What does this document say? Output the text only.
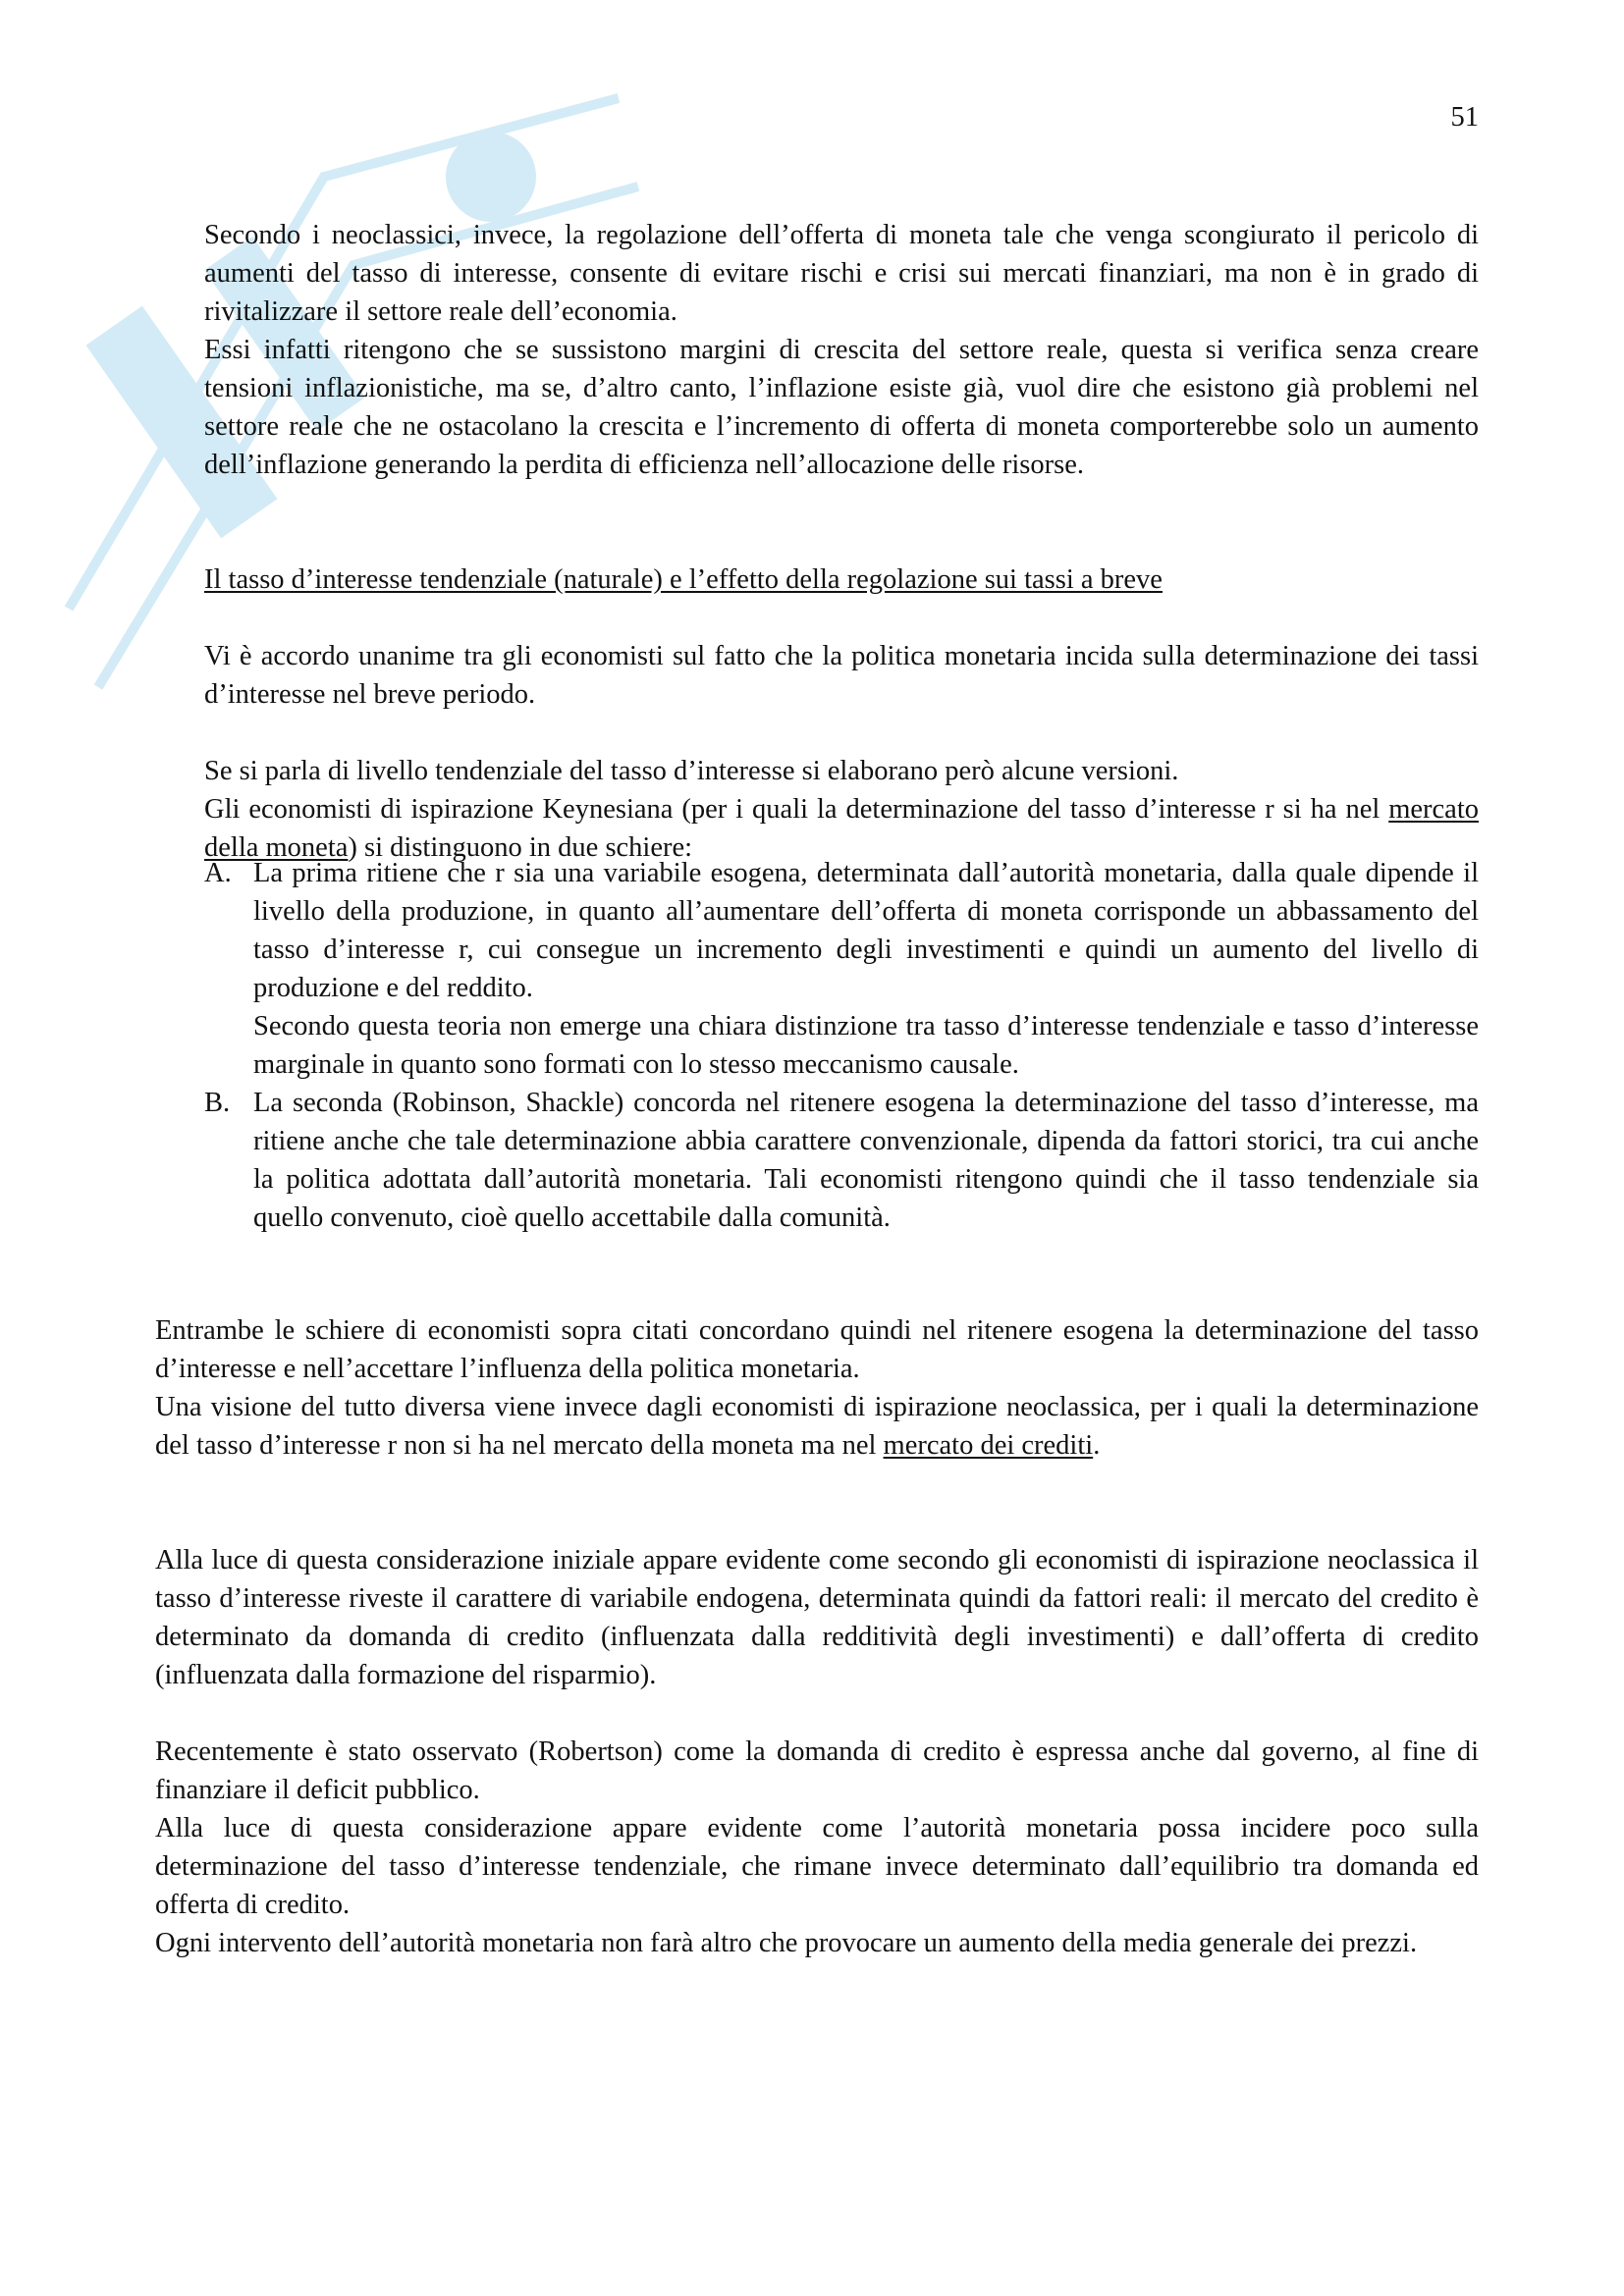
51

Secondo i neoclassici, invece, la regolazione dell’offerta di moneta tale che venga scongiurato il pericolo di aumenti del tasso di interesse, consente di evitare rischi e crisi sui mercati finanziari, ma non è in grado di rivitalizzare il settore reale dell’economia.

Essi infatti ritengono che se sussistono margini di crescita del settore reale, questa si verifica senza creare tensioni inflazionistiche, ma se, d’altro canto, l’inflazione esiste già, vuol dire che esistono già problemi nel settore reale che ne ostacolano la crescita e l’incremento di offerta di moneta comporterebbe solo un aumento dell’inflazione generando la perdita di efficienza nell’allocazione delle risorse.

Il tasso d’interesse tendenziale (naturale) e l’effetto della regolazione sui tassi a breve

Vi è accordo unanime tra gli economisti sul fatto che la politica monetaria incida sulla determinazione dei tassi d’interesse nel breve periodo.

Se si parla di livello tendenziale del tasso d’interesse si elaborano però alcune versioni.

Gli economisti di ispirazione Keynesiana (per i quali la determinazione del tasso d’interesse r si ha nel mercato della moneta) si distinguono in due schiere:

A. La prima ritiene che r sia una variabile esogena, determinata dall’autorità monetaria, dalla quale dipende il livello della produzione, in quanto all’aumentare dell’offerta di moneta corrisponde un abbassamento del tasso d’interesse r, cui consegue un incremento degli investimenti e quindi un aumento del livello di produzione e del reddito.

Secondo questa teoria non emerge una chiara distinzione tra tasso d’interesse tendenziale e tasso d’interesse marginale in quanto sono formati con lo stesso meccanismo causale.

B. La seconda (Robinson, Shackle) concorda nel ritenere esogena la determinazione del tasso d’interesse, ma ritiene anche che tale determinazione abbia carattere convenzionale, dipenda da fattori storici, tra cui anche la politica adottata dall’autorità monetaria. Tali economisti ritengono quindi che il tasso tendenziale sia quello convenuto, cioè quello accettabile dalla comunità.

Entrambe le schiere di economisti sopra citati concordano quindi nel ritenere esogena la determinazione del tasso d’interesse e nell’accettare l’influenza della politica monetaria.

Una visione del tutto diversa viene invece dagli economisti di ispirazione neoclassica, per i quali la determinazione del tasso d’interesse r non si ha nel mercato della moneta ma nel mercato dei crediti.

Alla luce di questa considerazione iniziale appare evidente come secondo gli economisti di ispirazione neoclassica il tasso d’interesse riveste il carattere di variabile endogena, determinata quindi da fattori reali: il mercato del credito è determinato da domanda di credito (influenzata dalla redditività degli investimenti) e dall’offerta di credito (influenzata dalla formazione del risparmio).

Recentemente è stato osservato (Robertson) come la domanda di credito è espressa anche dal governo, al fine di finanziare il deficit pubblico.

Alla luce di questa considerazione appare evidente come l’autorità monetaria possa incidere poco sulla determinazione del tasso d’interesse tendenziale, che rimane invece determinato dall’equilibrio tra domanda ed offerta di credito.

Ogni intervento dell’autorità monetaria non farà altro che provocare un aumento della media generale dei prezzi.
